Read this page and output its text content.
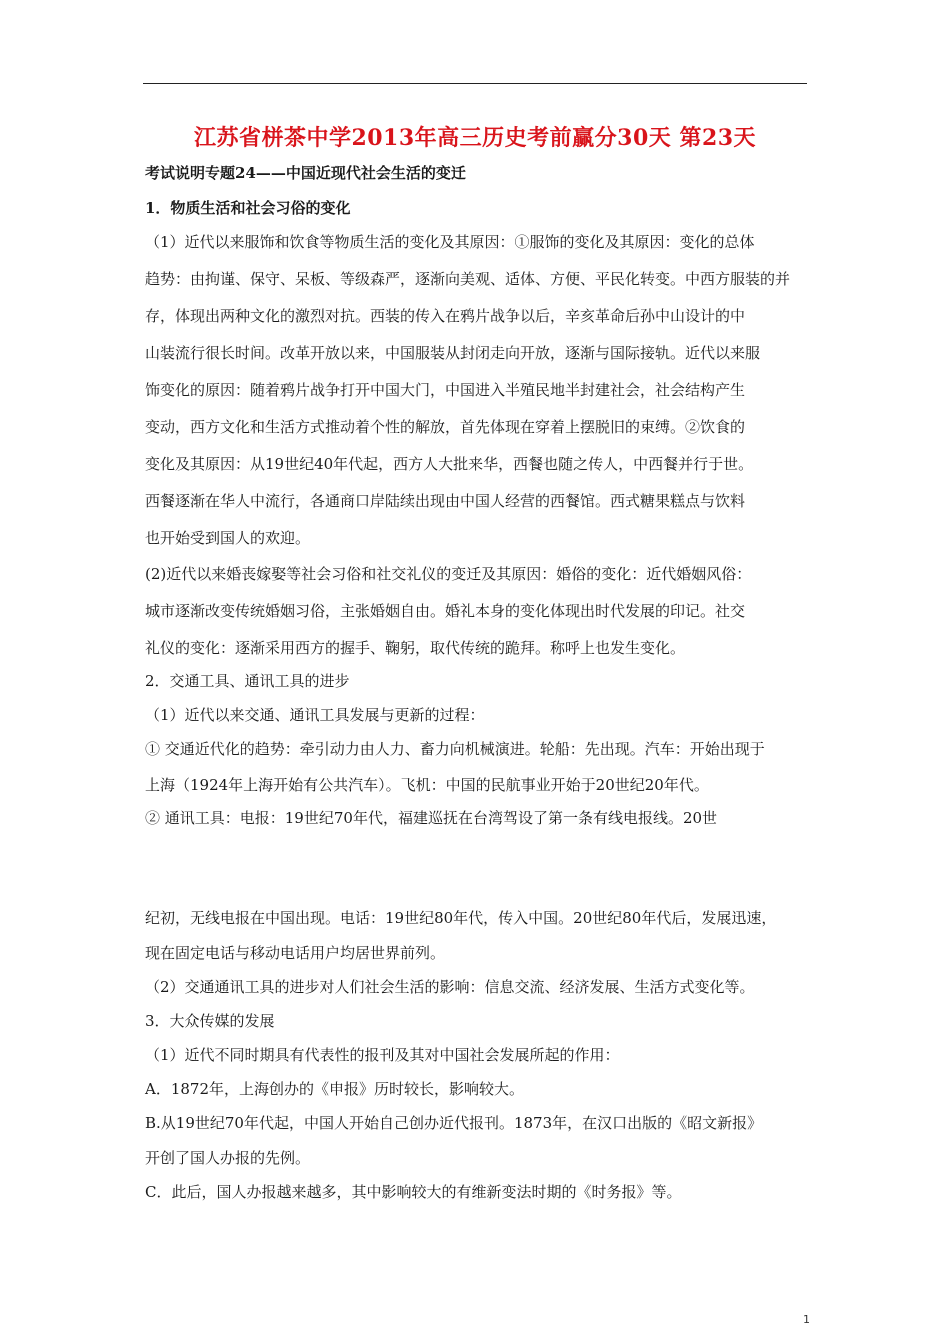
江苏省栟茶中学2013年高三历史考前赢分30天 第23天

考试说明专题24——中国近现代社会生活的变迁

1．物质生活和社会习俗的变化

（1）近代以来服饰和饮食等物质生活的变化及其原因：①服饰的变化及其原因：变化的总体

趋势：由拘谨、保守、呆板、等级森严，逐渐向美观、适体、方便、平民化转变。中西方服装的并

存，体现出两种文化的激烈对抗。西装的传入在鸦片战争以后，辛亥革命后孙中山设计的中

山装流行很长时间。改革开放以来，中国服装从封闭走向开放，逐渐与国际接轨。近代以来服

饰变化的原因：随着鸦片战争打开中国大门，中国进入半殖民地半封建社会，社会结构产生

变动，西方文化和生活方式推动着个性的解放，首先体现在穿着上摆脱旧的束缚。②饮食的

变化及其原因：从19世纪40年代起，西方人大批来华，西餐也随之传人，中西餐并行于世。

西餐逐渐在华人中流行，各通商口岸陆续出现由中国人经营的西餐馆。西式糖果糕点与饮料

也开始受到国人的欢迎。

(2)近代以来婚丧嫁娶等社会习俗和社交礼仪的变迁及其原因：婚俗的变化：近代婚姻风俗：

城市逐渐改变传统婚姻习俗，主张婚姻自由。婚礼本身的变化体现出时代发展的印记。社交

礼仪的变化：逐渐采用西方的握手、鞠躬，取代传统的跪拜。称呼上也发生变化。

2．交通工具、通讯工具的进步

（1）近代以来交通、通讯工具发展与更新的过程：

① 交通近代化的趋势：牵引动力由人力、畜力向机械演进。轮船：先出现。汽车：开始出现于

上海（1924年上海开始有公共汽车）。飞机：中国的民航事业开始于20世纪20年代。

② 通讯工具：电报：19世纪70年代，福建巡抚在台湾驾设了第一条有线电报线。20世

纪初，无线电报在中国出现。电话：19世纪80年代，传入中国。20世纪80年代后，发展迅速，

现在固定电话与移动电话用户均居世界前列。

（2）交通通讯工具的进步对人们社会生活的影响：信息交流、经济发展、生活方式变化等。

3．大众传媒的发展

（1）近代不同时期具有代表性的报刊及其对中国社会发展所起的作用：

A．1872年，上海创办的《申报》历时较长，影响较大。

B.从19世纪70年代起，中国人开始自己创办近代报刊。1873年，在汉口出版的《昭文新报》

开创了国人办报的先例。

C．此后，国人办报越来越多，其中影响较大的有维新变法时期的《时务报》等。

1
